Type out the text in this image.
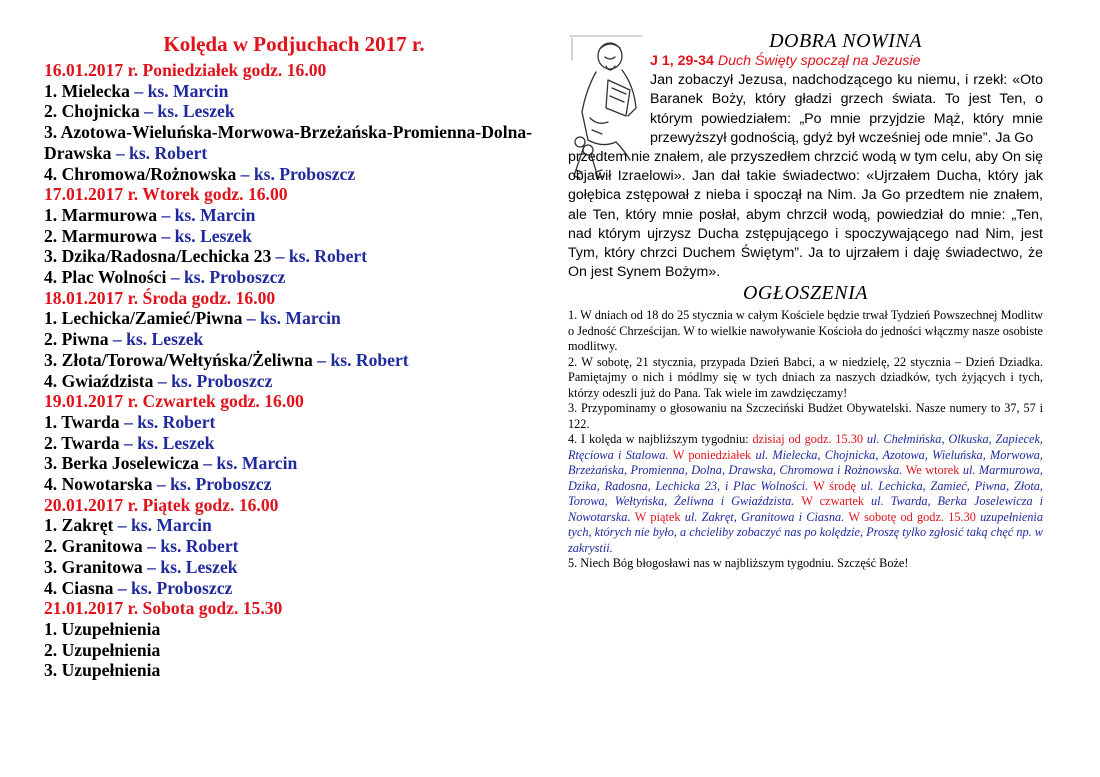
Kolęda w Podjuchach 2017 r.
16.01.2017 r. Poniedziałek godz. 16.00
1. Mielecka – ks. Marcin
2. Chojnicka – ks. Leszek
3. Azotowa-Wieluńska-Morwowa-Brzeżańska-Promienna-Dolna-Drawska – ks. Robert
4. Chromowa/Rożnowska – ks. Proboszcz
17.01.2017 r. Wtorek godz. 16.00
1. Marmurowa – ks. Marcin
2. Marmurowa – ks. Leszek
3. Dzika/Radosna/Lechicka 23 – ks. Robert
4. Plac Wolności – ks. Proboszcz
18.01.2017 r. Środa godz. 16.00
1. Lechicka/Zamieć/Piwna – ks. Marcin
2. Piwna – ks. Leszek
3. Złota/Torowa/Wełtyńska/Żeliwna – ks. Robert
4. Gwiaździsta – ks. Proboszcz
19.01.2017 r. Czwartek godz. 16.00
1. Twarda – ks. Robert
2. Twarda – ks. Leszek
3. Berka Joselewicza – ks. Marcin
4. Nowotarska – ks. Proboszcz
20.01.2017 r. Piątek godz. 16.00
1. Zakręt – ks. Marcin
2. Granitowa – ks. Robert
3. Granitowa – ks. Leszek
4. Ciasna – ks. Proboszcz
21.01.2017 r. Sobota godz. 15.30
1. Uzupełnienia
2. Uzupełnienia
3. Uzupełnienia
DOBRA NOWINA
J 1, 29-34 Duch Święty spoczął na Jezusie
Jan zobaczył Jezusa, nadchodzącego ku niemu, i rzekł: «Oto Baranek Boży, który gładzi grzech świata. To jest Ten, o którym powiedziałem: „Po mnie przyjdzie Mąż, który mnie przewyższył godnością, gdyż był wcześniej ode mnie”. Ja Go
przedtem nie znałem, ale przyszedłem chrzcić wodą w tym celu, aby On się objawił Izraelowi». Jan dał takie świadectwo: «Ujrzałem Ducha, który jak gołębica zstępował z nieba i spoczął na Nim. Ja Go przedtem nie znałem, ale Ten, który mnie posłał, abym chrzcił wodą, powiedział do mnie: „Ten, nad którym ujrzysz Ducha zstępującego i spoczywającego nad Nim, jest Tym, który chrzci Duchem Świętym”. Ja to ujrzałem i daję świadectwo, że On jest Synem Bożym».
OGŁOSZENIA
1. W dniach od 18 do 25 stycznia w całym Kościele będzie trwał Tydzień Powszechnej Modlitw o Jedność Chrześcijan. W to wielkie nawoływanie Kościoła do jedności włączmy nasze osobiste modlitwy.
2. W sobotę, 21 stycznia, przypada Dzień Babci, a w niedzielę, 22 stycznia – Dzień Dziadka. Pamiętajmy o nich i módlmy się w tych dniach za naszych dziadków, tych żyjących i tych, którzy odeszli już do Pana. Tak wiele im zawdzięczamy!
3. Przypominamy o głosowaniu na Szczeciński Budżet Obywatelski. Nasze numery to 37, 57 i 122.
4. I kolęda w najbliższym tygodniu: dzisiaj od godz. 15.30 ul. Chełmińska, Olkuska, Zapiecek, Rtęciowa i Stalowa. W poniedziałek ul. Mielecka, Chojnicka, Azotowa, Wieluńska, Morwowa, Brzeżańska, Promienna, Dolna, Drawska, Chromowa i Rożnowska. We wtorek ul. Marmurowa, Dzika, Radosna, Lechicka 23, i Plac Wolności. W środę ul. Lechicka, Zamieć, Piwna, Złota, Torowa, Wełtyńska, Żeliwna i Gwiaździsta. W czwartek ul. Twarda, Berka Joselewicza i Nowotarska. W piątek ul. Zakręt, Granitowa i Ciasna. W sobotę od godz. 15.30 uzupełnienia tych, których nie było, a chcieliby zobaczyć nas po kolędzie, Proszę tylko zgłosić taką chęć np. w zakrystii.
5. Niech Bóg błogosławi nas w najbliższym tygodniu. Szczęść Boże!
